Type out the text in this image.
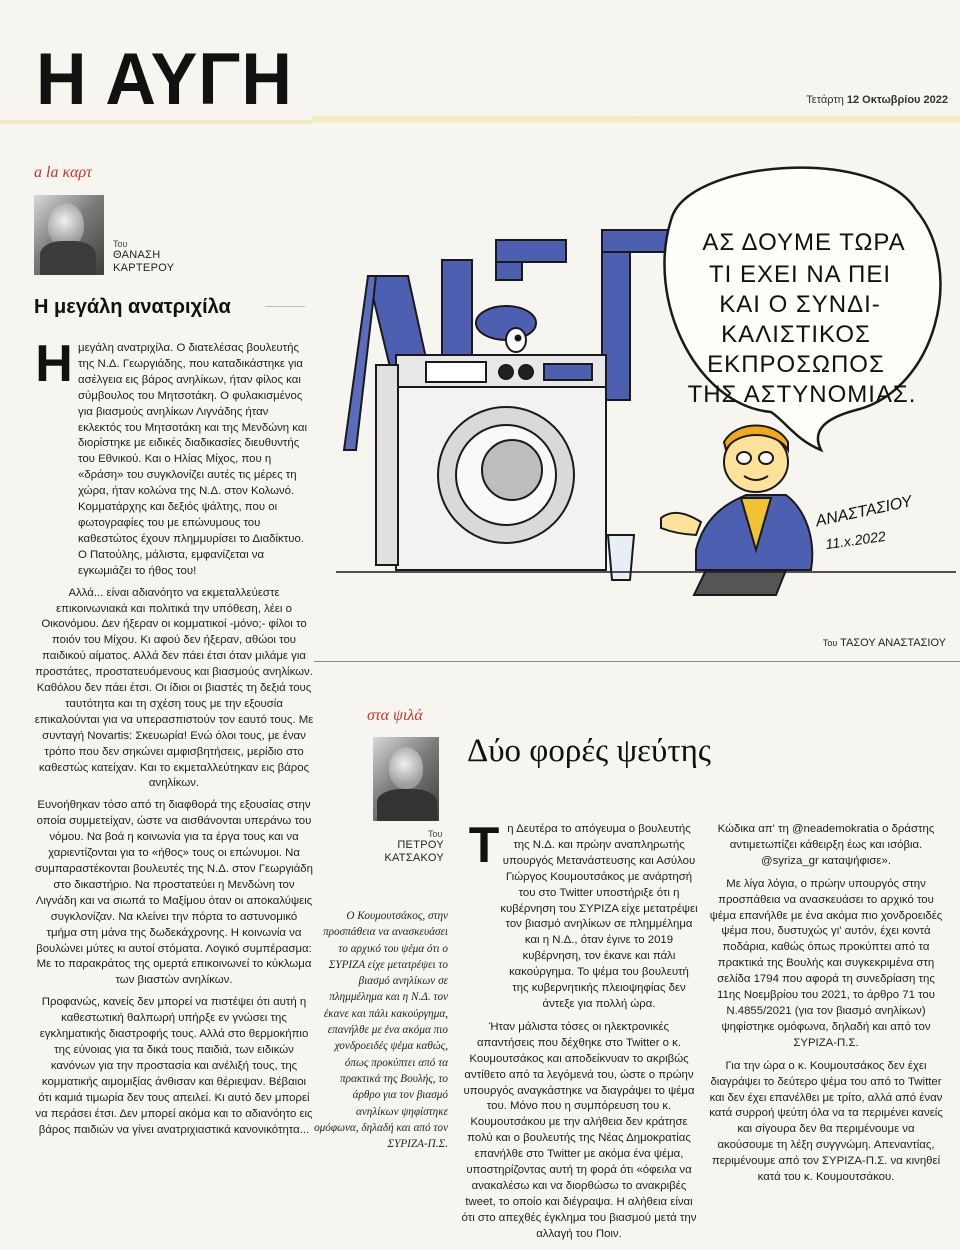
Η ΑΥΓΗ	Τετάρτη 12 Οκτωβρίου 2022
a la καρτ
Του
ΘΑΝΑΣΗ
ΚΑΡΤΕΡΟΥ
Η μεγάλη ανατριχίλα
Η μεγάλη ανατριχίλα. Ο διατελέσας βουλευτής της Ν.Δ. Γεωργιάδης, που καταδικάστηκε για ασέλγεια εις βάρος ανηλίκων, ήταν φίλος και σύμβουλος του Μητσοτάκη. Ο φυλακισμένος για βιασμούς ανηλίκων Λιγνάδης ήταν εκλεκτός του Μητσοτάκη και της Μενδώνη και διορίστηκε με ειδικές διαδικασίες διευθυντής του Εθνικού. Και ο Ηλίας Μίχος, που η «δράση» του συγκλονίζει αυτές τις μέρες τη χώρα, ήταν κολώνα της Ν.Δ. στον Κολωνό. Κομματάρχης και δεξιός ψάλτης, που οι φωτογραφίες του με επώνυμους του καθεστώτος έχουν πλημμυρίσει το Διαδίκτυο. Ο Πατούλης, μάλιστα, εμφανίζεται να εγκωμιάζει το ήθος του!

Αλλά... είναι αδιανόητο να εκμεταλλεύεστε επικοινωνιακά και πολιτικά την υπόθεση, λέει ο Οικονόμου. Δεν ήξεραν οι κομματικοί -μόνο;- φίλοι το ποιόν του Μίχου. Κι αφού δεν ήξεραν, αθώοι του παιδικού αίματος. Αλλά δεν πάει έτσι όταν μιλάμε για προστάτες, προστατευόμενους και βιασμούς ανηλίκων. Καθόλου δεν πάει έτσι. Οι ίδιοι οι βιαστές τη δεξιά τους ταυτότητα και τη σχέση τους με την εξουσία επικαλούνται για να υπερασπιστούν τον εαυτό τους. Με συνταγή Novartis: Σκευωρία! Ενώ όλοι τους, με έναν τρόπο που δεν σηκώνει αμφισβητήσεις, μερίδιο στο καθεστώς κατείχαν. Και το εκμεταλλεύτηκαν εις βάρος ανηλίκων.

Ευνοήθηκαν τόσο από τη διαφθορά της εξουσίας στην οποία συμμετείχαν, ώστε να αισθάνονται υπεράνω του νόμου. Να βοά η κοινωνία για τα έργα τους και να χαριεντίζονται για το «ήθος» τους οι επώνυμοι. Να συμπαραστέκονται βουλευτές της Ν.Δ. στον Γεωργιάδη στο δικαστήριο. Να προστατεύει η Μενδώνη τον Λιγνάδη και να σιωπά το Μαξίμου όταν οι αποκαλύψεις συγκλονίζαν. Να κλείνει την πόρτα το αστυνομικό τμήμα στη μάνα της δωδεκάχρονης. Η κοινωνία να βουλώνει μύτες κι αυτοί στόματα. Λογικό συμπέρασμα: Με το παρακράτος της ομερτά επικοινωνεί το κύκλωμα των βιαστών ανηλίκων.

Προφανώς, κανείς δεν μπορεί να πιστέψει ότι αυτή η καθεστωτική θαλπωρή υπήρξε εν γνώσει της εγκληματικής διαστροφής τους. Αλλά στο θερμοκήπιο της εύνοιας για τα δικά τους παιδιά, των ειδικών κανόνων για την προστασία και ανέλιξή τους, της κομματικής αιμομιξίας άνθισαν και θέριεψαν. Βέβαιοι ότι καμιά τιμωρία δεν τους απειλεί. Κι αυτό δεν μπορεί να περάσει έτσι. Δεν μπορεί ακόμα και το αδιανόητο εις βάρος παιδιών να γίνει ανατριχιαστικά κανονικότητα...

ΑΣ ΔΟΥΜΕ ΤΩΡΑ
ΤΙ ΕΧΕΙ ΝΑ ΠΕΙ
ΚΑΙ Ο ΣΥΝΔΙ-
ΚΑΛΙΣΤΙΚΟΣ
ΕΚΠΡΟΣΩΠΟΣ
ΤΗΣ ΑΣΤΥΝΟΜΙΑΣ.
ΑΝΑΣΤΑΣΙΟΥ
11.x.2022
Του ΤΑΣΟΥ ΑΝΑΣΤΑΣΙΟΥ
στα ψιλά
Δύο φορές ψεύτης
Του
ΠΕΤΡΟΥ
ΚΑΤΣΑΚΟΥ
Ο Κουμουτσάκος, στην προσπάθεια να ανασκευάσει το αρχικό του ψέμα ότι ο ΣΥΡΙΖΑ είχε μετατρέψει το βιασμό ανηλίκων σε πλημμέλημα και η Ν.Δ. τον έκανε και πάλι κακούργημα, επανήλθε με ένα ακόμα πιο χονδροειδές ψέμα καθώς, όπως προκύπτει από τα πρακτικά της Βουλής, το άρθρο για τον βιασμό ανηλίκων ψηφίστηκε ομόφωνα, δηλαδή και από τον ΣΥΡΙΖΑ-Π.Σ.
Τ η Δευτέρα το απόγευμα ο βουλευτής της Ν.Δ. και πρώην αναπληρωτής υπουργός Μετανάστευσης και Ασύλου Γιώργος Κουμουτσάκος με ανάρτησή του στο Twitter υποστήριξε ότι η κυβέρνηση του ΣΥΡΙΖΑ είχε μετατρέψει τον βιασμό ανηλίκων σε πλημμέλημα και η Ν.Δ., όταν έγινε το 2019 κυβέρνηση, τον έκανε και πάλι κακούργημα. Το ψέμα του βουλευτή της κυβερνητικής πλειοψηφίας δεν άντεξε για πολλή ώρα.

Ήταν μάλιστα τόσες οι ηλεκτρονικές απαντήσεις που δέχθηκε στο Twitter ο κ. Κουμουτσάκος και αποδείκνυαν το ακριβώς αντίθετο από τα λεγόμενά του, ώστε ο πρώην υπουργός αναγκάστηκε να διαγράψει το ψέμα του. Μόνο που η συμπόρευση του κ. Κουμουτσάκου με την αλήθεια δεν κράτησε πολύ και ο βουλευτής της Νέας Δημοκρατίας επανήλθε στο Twitter με ακόμα ένα ψέμα, υποστηρίζοντας αυτή τη φορά ότι «όφειλα να ανακαλέσω και να διορθώσω το ανακριβές tweet, το οποίο και διέγραψα. Η αλήθεια είναι ότι στο απεχθές έγκλημα του βιασμού μετά την αλλαγή του Ποιν.

Κώδικα απ' τη @neademokratia ο δράστης αντιμετωπίζει κάθειρξη έως και ισόβια. @syriza_gr καταψήφισε».

Με λίγα λόγια, ο πρώην υπουργός στην προσπάθεια να ανασκευάσει το αρχικό του ψέμα επανήλθε με ένα ακόμα πιο χονδροειδές ψέμα που, δυστυχώς γι' αυτόν, έχει κοντά ποδάρια, καθώς όπως προκύπτει από τα πρακτικά της Βουλής και συγκεκριμένα στη σελίδα 1794 που αφορά τη συνεδρίαση της 11ης Νοεμβρίου του 2021, το άρθρο 71 του Ν.4855/2021 (για τον βιασμό ανηλίκων) ψηφίστηκε ομόφωνα, δηλαδή και από τον ΣΥΡΙΖΑ-Π.Σ.

Για την ώρα ο κ. Κουμουτσάκος δεν έχει διαγράψει το δεύτερο ψέμα του από το Twitter και δεν έχει επανέλθει με τρίτο, αλλά από έναν κατά συρροή ψεύτη όλα να τα περιμένει κανείς και σίγουρα δεν θα περιμένουμε να ακούσουμε τη λέξη συγγνώμη. Απεναντίας, περιμένουμε από τον ΣΥΡΙΖΑ-Π.Σ. να κινηθεί κατά του κ. Κουμουτσάκου.
